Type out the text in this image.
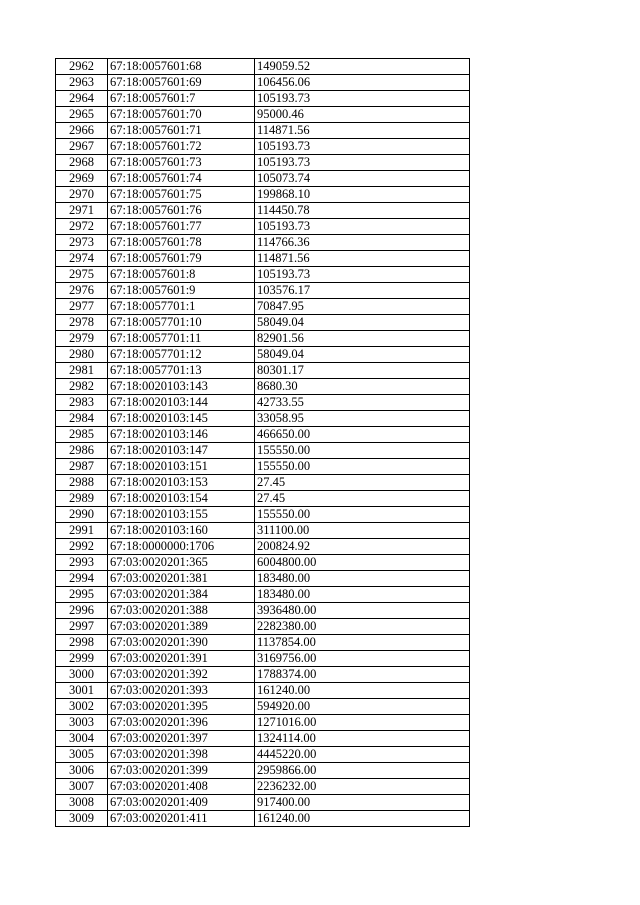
2962	67:18:0057601:68	149059.52
2963	67:18:0057601:69	106456.06
2964	67:18:0057601:7	105193.73
2965	67:18:0057601:70	95000.46
2966	67:18:0057601:71	114871.56
2967	67:18:0057601:72	105193.73
2968	67:18:0057601:73	105193.73
2969	67:18:0057601:74	105073.74
2970	67:18:0057601:75	199868.10
2971	67:18:0057601:76	114450.78
2972	67:18:0057601:77	105193.73
2973	67:18:0057601:78	114766.36
2974	67:18:0057601:79	114871.56
2975	67:18:0057601:8	105193.73
2976	67:18:0057601:9	103576.17
2977	67:18:0057701:1	70847.95
2978	67:18:0057701:10	58049.04
2979	67:18:0057701:11	82901.56
2980	67:18:0057701:12	58049.04
2981	67:18:0057701:13	80301.17
2982	67:18:0020103:143	8680.30
2983	67:18:0020103:144	42733.55
2984	67:18:0020103:145	33058.95
2985	67:18:0020103:146	466650.00
2986	67:18:0020103:147	155550.00
2987	67:18:0020103:151	155550.00
2988	67:18:0020103:153	27.45
2989	67:18:0020103:154	27.45
2990	67:18:0020103:155	155550.00
2991	67:18:0020103:160	311100.00
2992	67:18:0000000:1706	200824.92
2993	67:03:0020201:365	6004800.00
2994	67:03:0020201:381	183480.00
2995	67:03:0020201:384	183480.00
2996	67:03:0020201:388	3936480.00
2997	67:03:0020201:389	2282380.00
2998	67:03:0020201:390	1137854.00
2999	67:03:0020201:391	3169756.00
3000	67:03:0020201:392	1788374.00
3001	67:03:0020201:393	161240.00
3002	67:03:0020201:395	594920.00
3003	67:03:0020201:396	1271016.00
3004	67:03:0020201:397	1324114.00
3005	67:03:0020201:398	4445220.00
3006	67:03:0020201:399	2959866.00
3007	67:03:0020201:408	2236232.00
3008	67:03:0020201:409	917400.00
3009	67:03:0020201:411	161240.00
